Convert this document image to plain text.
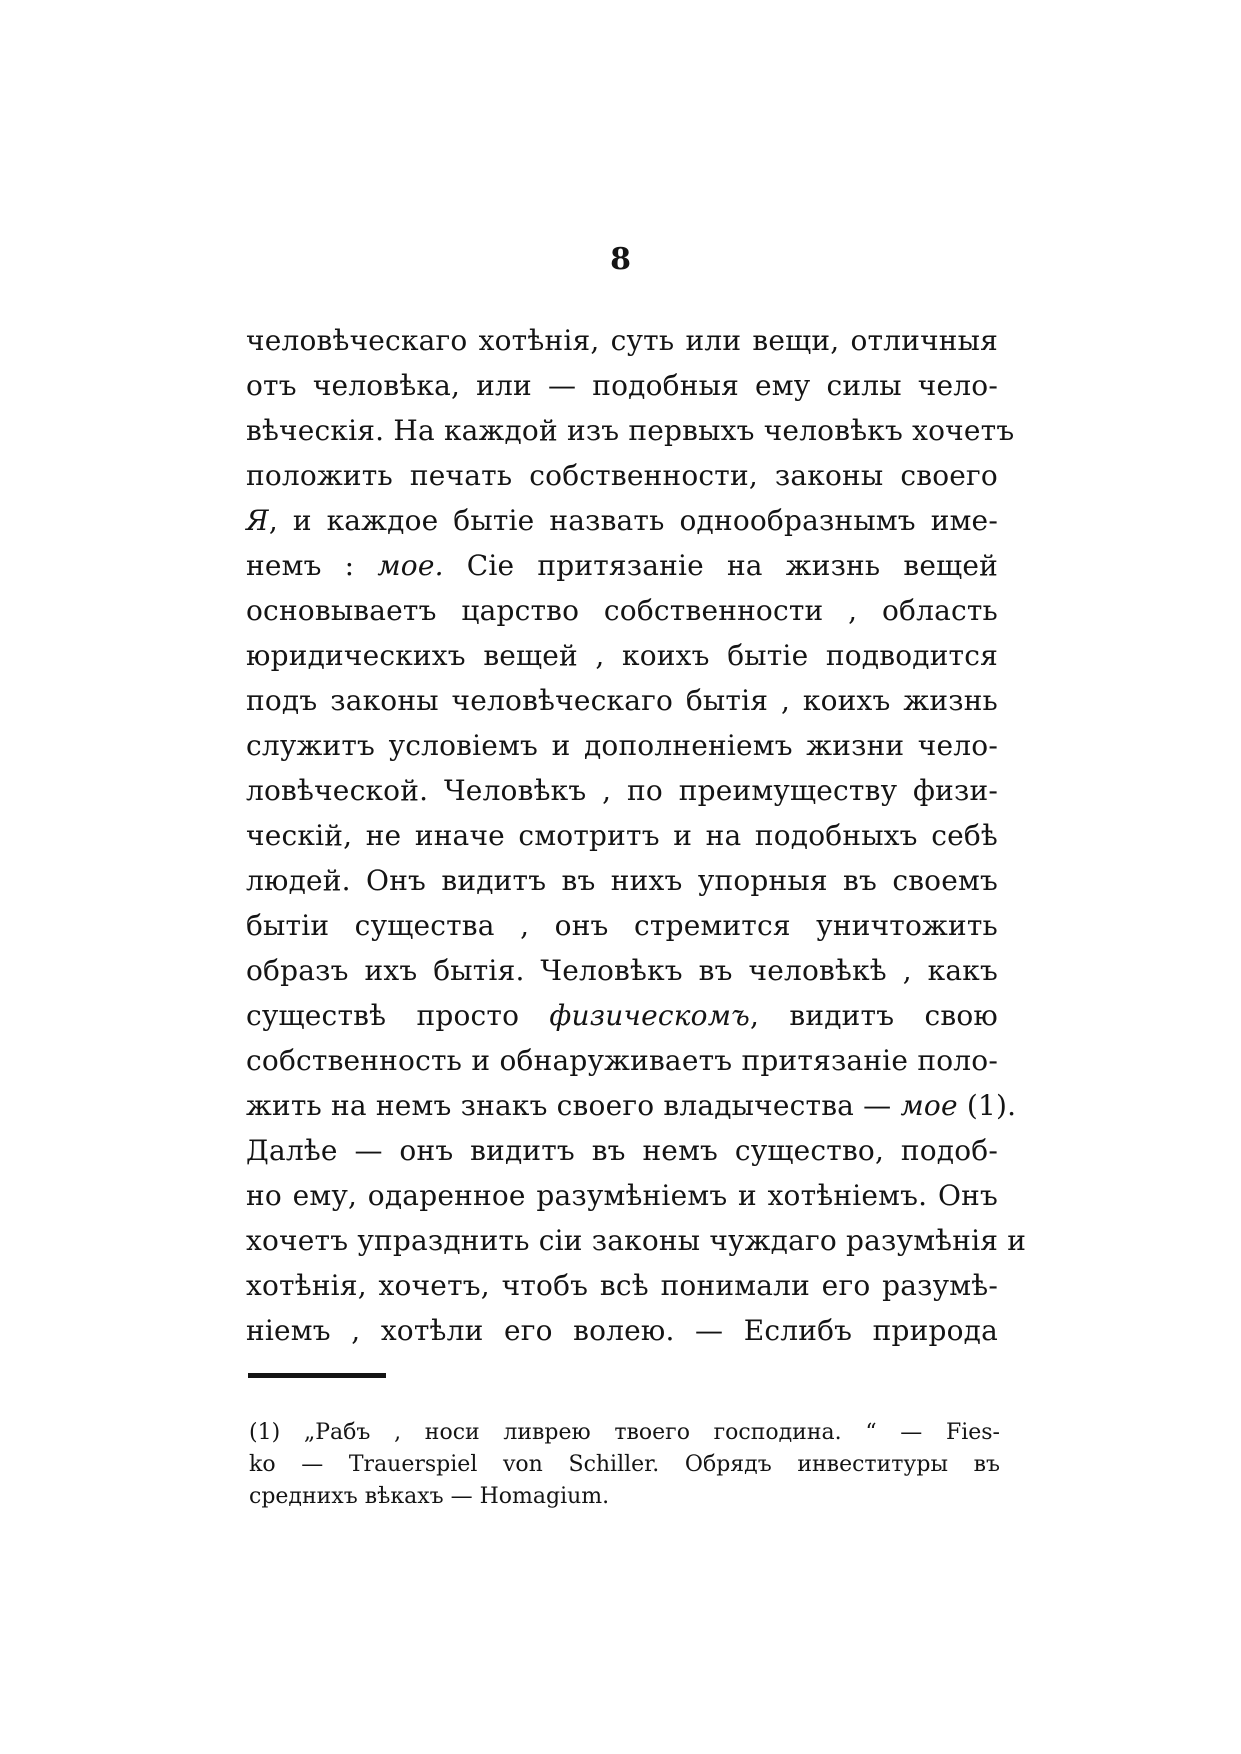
8
человѣческаго хотѣнія, суть или вещи, отличныя
отъ человѣка, или — подобныя ему силы чело-
вѣческія. На каждой изъ первыхъ человѣкъ хочетъ
положить печать собственности, законы своего
Я, и каждое бытіе назвать однообразнымъ име-
немъ : мое. Сіе притязаніе на жизнь вещей
основываетъ царство собственности , область
юридическихъ вещей , коихъ бытіе подводится
подъ законы человѣческаго бытія , коихъ жизнь
служитъ условіемъ и дополненіемъ жизни чело-
ловѣческой. Человѣкъ , по преимуществу физи-
ческій, не иначе смотритъ и на подобныхъ себѣ
людей. Онъ видитъ въ нихъ упорныя въ своемъ
бытіи существа , онъ стремится уничтожить
образъ ихъ бытія. Человѣкъ въ человѣкѣ , какъ
существѣ просто физическомъ, видитъ свою
собственность и обнаруживаетъ притязаніе поло-
жить на немъ знакъ своего владычества — мое (1).
Далѣе — онъ видитъ въ немъ существо, подоб-
но ему, одаренное разумѣніемъ и хотѣніемъ. Онъ
хочетъ упразднить сіи законы чуждаго разумѣнія и
хотѣнія, хочетъ, чтобъ всѣ понимали его разумѣ-
ніемъ , хотѣли его волею. — Еслибъ природа
(1) „Рабъ , носи ливрею твоего господина. “ — Fies-
ko — Trauerspiel von Schiller. Обрядъ инвеституры въ
среднихъ вѣкахъ — Homagium.
